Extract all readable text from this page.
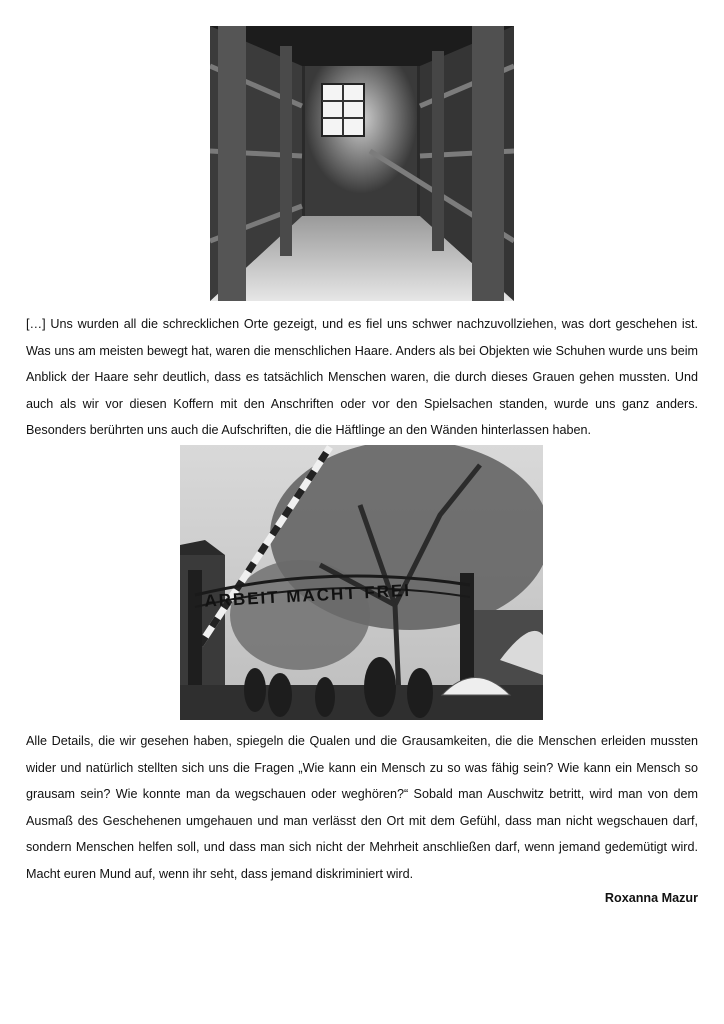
[…] Uns wurden all die schrecklichen Orte gezeigt, und es fiel uns schwer nachzuvollziehen, was dort geschehen ist. Was uns am meisten bewegt hat, waren die menschlichen Haare. Anders als bei Objekten wie Schuhen wurde uns beim Anblick der Haare sehr deutlich, dass es tatsächlich Menschen waren, die durch dieses Grauen gehen mussten. Und auch als wir vor diesen Koffern mit den Anschriften oder vor den Spielsachen standen, wurde uns ganz anders. Besonders berührten uns auch die Aufschriften, die die Häftlinge an den Wänden hinterlassen haben.

ARBEIT MACHT FREI

Alle Details, die wir gesehen haben, spiegeln die Qualen und die Grausamkeiten, die die Menschen erleiden mussten wider und natürlich stellten sich uns die Fragen „Wie kann ein Mensch zu so was fähig sein? Wie kann ein Mensch so grausam sein? Wie konnte man da wegschauen oder weghören?“ Sobald man Auschwitz betritt, wird man von dem Ausmaß des Geschehenen umgehauen und man verlässt den Ort mit dem Gefühl, dass man nicht wegschauen darf, sondern Menschen helfen soll, und dass man sich nicht der Mehrheit anschließen darf, wenn jemand gedemütigt wird. Macht euren Mund auf, wenn ihr seht, dass jemand diskriminiert wird.

Roxanna Mazur
